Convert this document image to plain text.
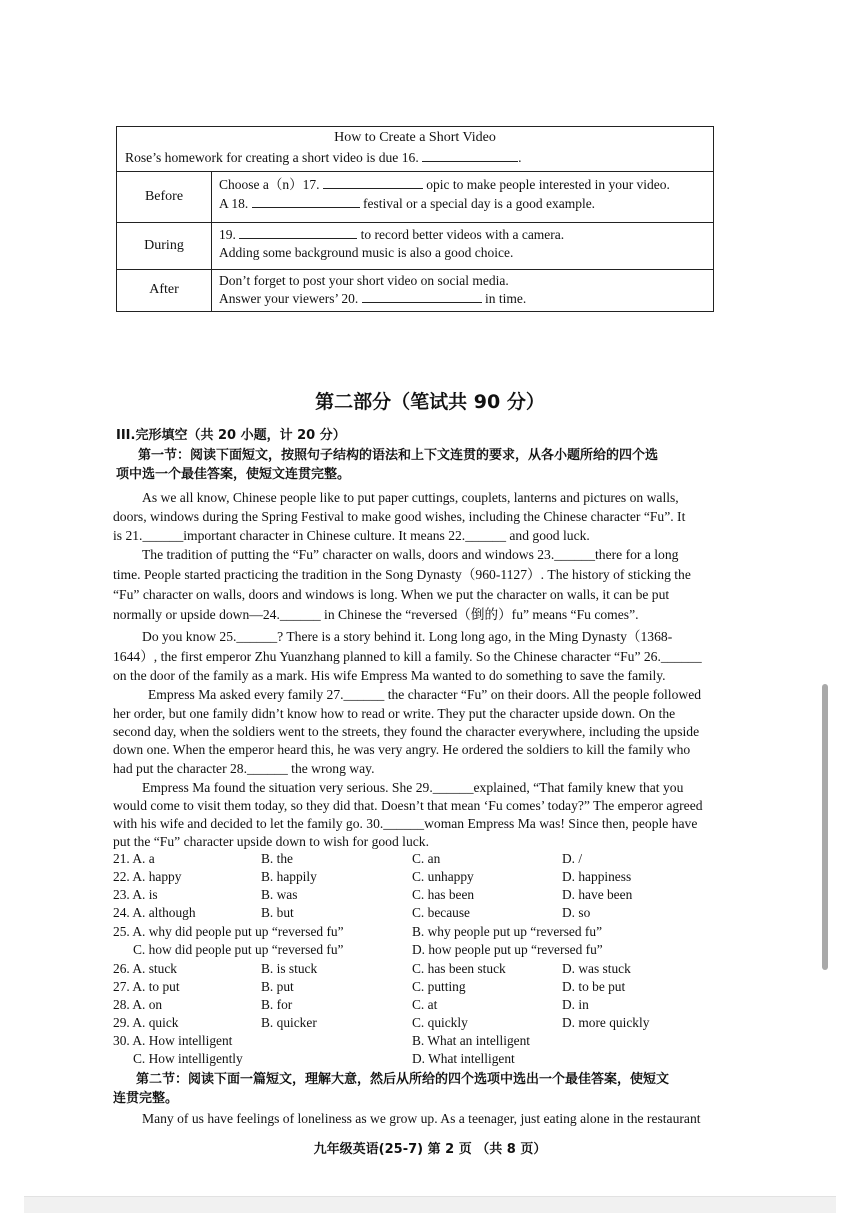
How to Create a Short Video
Rose’s homework for creating a short video is due 16.	.
Before
Choose a（n）17.	opic to make people interested in your video.
A 18.	festival or a special day is a good example.
During
19.	to record better videos with a camera.
Adding some background music is also a good choice.
After
Don’t forget to post your short video on social media.
Answer your viewers’ 20.	in time.
第二部分（笔试共 90 分）
III.完形填空（共 20 小题，计 20 分）
第一节：阅读下面短文，按照句子结构的语法和上下文连贯的要求，从各小题所给的四个选
项中选一个最佳答案，使短文连贯完整。
As we all know, Chinese people like to put paper cuttings, couplets, lanterns and pictures on walls,
doors, windows during the Spring Festival to make good wishes, including the Chinese character “Fu”. It
is 21.______important character in Chinese culture. It means 22.______ and good luck.
The tradition of putting the “Fu” character on walls, doors and windows 23.______there for a long
time. People started practicing the tradition in the Song Dynasty（960-1127）. The history of sticking the
“Fu” character on walls, doors and windows is long. When we put the character on walls, it can be put
normally or upside down—24.______ in Chinese the “reversed（倒的）fu” means “Fu comes”.
Do you know 25.______? There is a story behind it. Long long ago, in the Ming Dynasty（1368-
1644）, the first emperor Zhu Yuanzhang planned to kill a family. So the Chinese character “Fu” 26.______
on the door of the family as a mark. His wife Empress Ma wanted to do something to save the family.
Empress Ma asked every family 27.______ the character “Fu” on their doors. All the people followed
her order, but one family didn’t know how to read or write. They put the character upside down. On the
second day, when the soldiers went to the streets, they found the character everywhere, including the upside
down one. When the emperor heard this, he was very angry. He ordered the soldiers to kill the family who
had put the character 28.______ the wrong way.
Empress Ma found the situation very serious. She 29.______explained, “That family knew that you
would come to visit them today, so they did that. Doesn’t that mean ‘Fu comes’ today?” The emperor agreed
with his wife and decided to let the family go. 30.______woman Empress Ma was! Since then, people have
put the “Fu” character upside down to wish for good luck.
21. A. a	B. the	C. an	D. /
22. A. happy	B. happily	C. unhappy	D. happiness
23. A. is	B. was	C. has been	D. have been
24. A. although	B. but	C. because	D. so
25. A. why did people put up “reversed fu”	B. why people put up “reversed fu”
C. how did people put up “reversed fu”	D. how people put up “reversed fu”
26. A. stuck	B. is stuck	C. has been stuck	D. was stuck
27. A. to put	B. put	C. putting	D. to be put
28. A. on	B. for	C. at	D. in
29. A. quick	B. quicker	C. quickly	D. more quickly
30. A. How intelligent	B. What an intelligent
C. How intelligently	D. What intelligent
第二节：阅读下面一篇短文，理解大意，然后从所给的四个选项中选出一个最佳答案，使短文
连贯完整。
Many of us have feelings of loneliness as we grow up. As a teenager, just eating alone in the restaurant
九年级英语(25-7) 第 2 页 （共 8 页）
